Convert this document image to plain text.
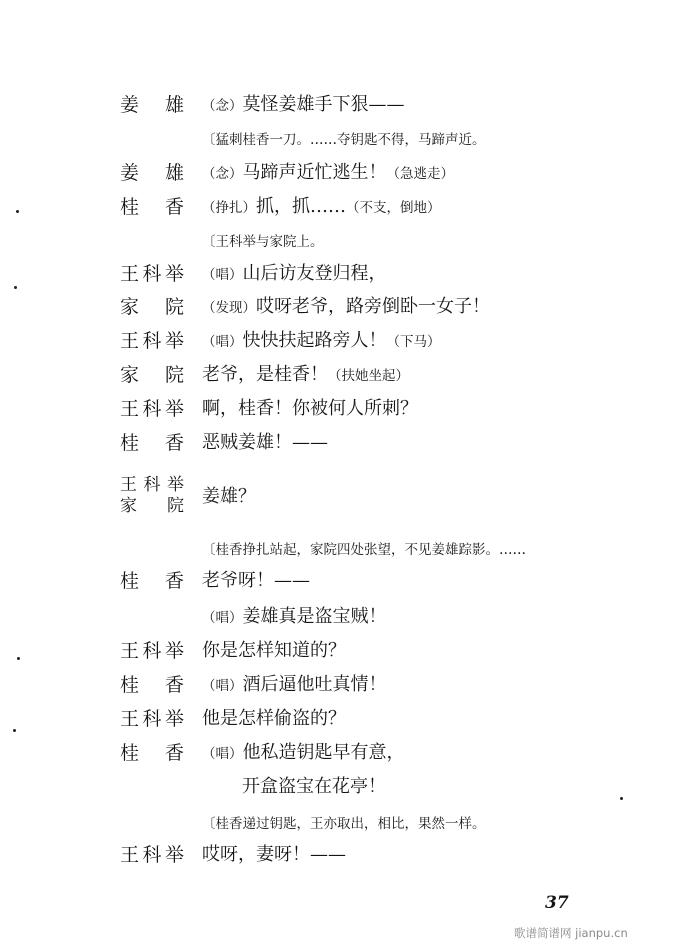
姜　雄 （念）莫怪姜雄手下狠——
〔猛刺桂香一刀。……夺钥匙不得，马蹄声近。
姜　雄 （念）马蹄声近忙逃生！（急逃走）
桂　香 （挣扎）抓，抓……（不支，倒地）
〔王科举与家院上。
王科举 （唱）山后访友登归程，
家　院 （发现）哎呀老爷，路旁倒卧一女子！
王科举 （唱）快快扶起路旁人！（下马）
家　院 老爷，是桂香！（扶她坐起）
王科举 啊，桂香！你被何人所刺？
桂　香 恶贼姜雄！——
王科举
家　院 姜雄？
〔桂香挣扎站起，家院四处张望，不见姜雄踪影。……
桂　香 老爷呀！——
（唱）姜雄真是盗宝贼！
王科举 你是怎样知道的？
桂　香 （唱）酒后逼他吐真情！
王科举 他是怎样偷盗的？
桂　香 （唱）他私造钥匙早有意，
开盒盗宝在花亭！
〔桂香递过钥匙，王亦取出，相比，果然一样。
王科举 哎呀，妻呀！——
37
歌谱简谱网 jianpu.cn
